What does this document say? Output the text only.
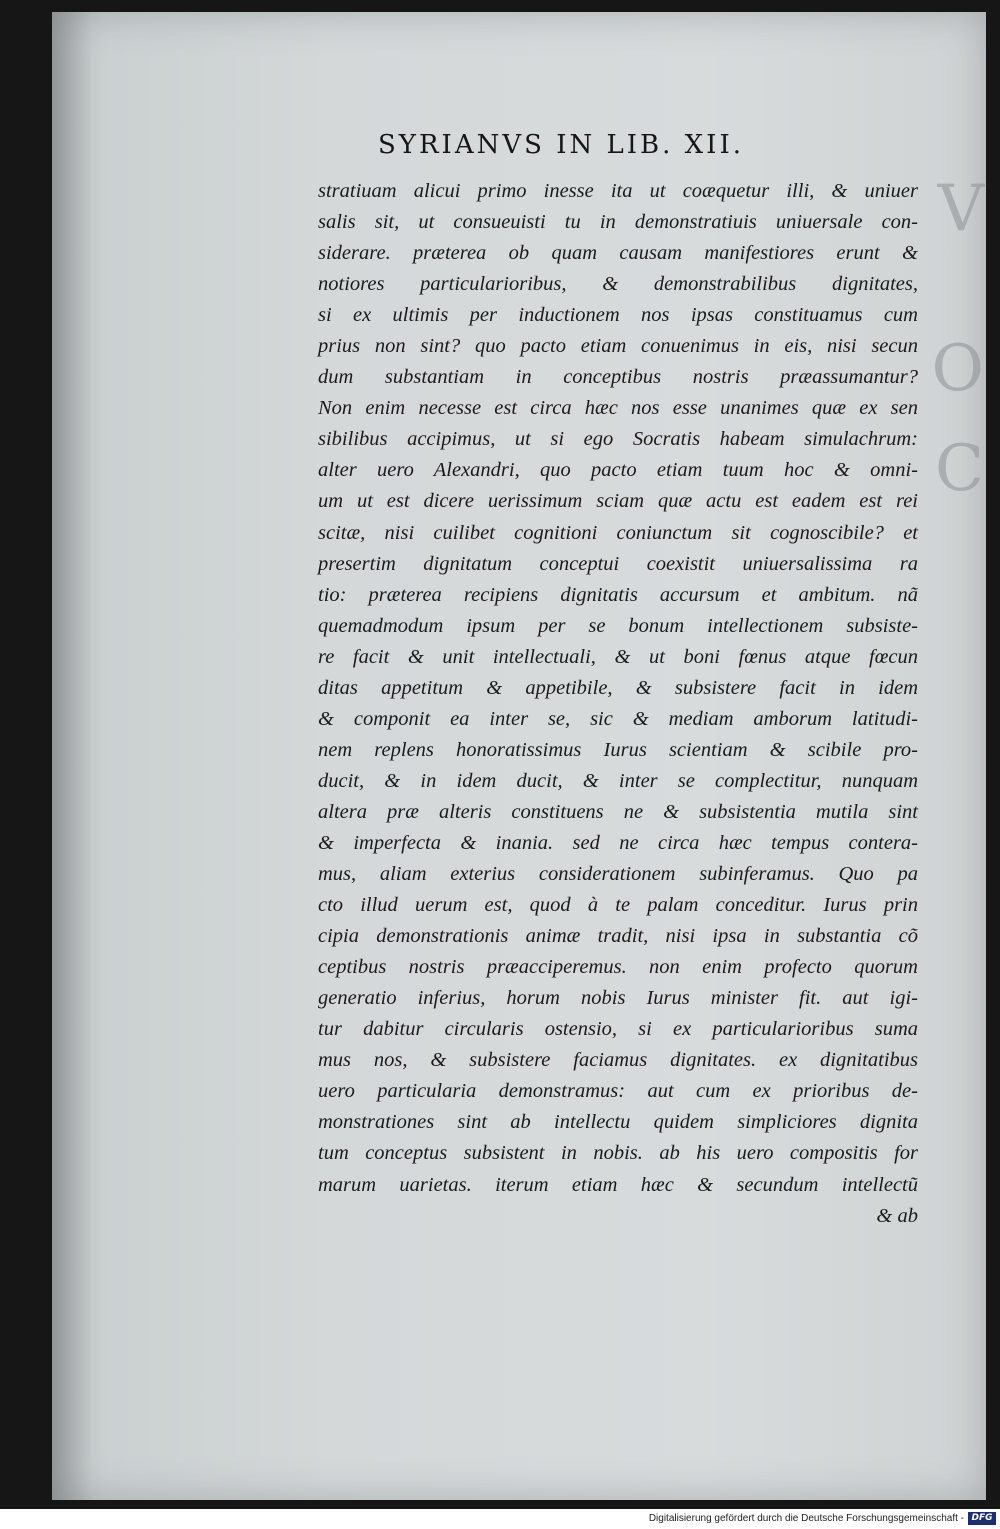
V
O
C
SYRIANVS IN LIB. XII.
stratiuam alicui primo inesse ita ut coæquetur illi, & uniuer
salis sit, ut consueuisti tu in demonstratiuis uniuersale con-
siderare. præterea ob quam causam manifestiores erunt &
notiores particularioribus, & demonstrabilibus dignitates,
si ex ultimis per inductionem nos ipsas constituamus cum
prius non sint? quo pacto etiam conuenimus in eis, nisi secun
dum substantiam in conceptibus nostris præassumantur?
Non enim necesse est circa hæc nos esse unanimes quæ ex sen
sibilibus accipimus, ut si ego Socratis habeam simulachrum:
alter uero Alexandri, quo pacto etiam tuum hoc & omni-
um ut est dicere uerissimum sciam quæ actu est eadem est rei
scitæ, nisi cuilibet cognitioni coniunctum sit cognoscibile? et
presertim dignitatum conceptui coexistit uniuersalissima ra
tio: præterea recipiens dignitatis accursum et ambitum. nã
quemadmodum ipsum per se bonum intellectionem subsiste-
re facit & unit intellectuali, & ut boni fœnus atque fœcun
ditas appetitum & appetibile, & subsistere facit in idem
& componit ea inter se, sic & mediam amborum latitudi-
nem replens honoratissimus Iurus scientiam & scibile pro-
ducit, & in idem ducit, & inter se complectitur, nunquam
altera præ alteris constituens ne & subsistentia mutila sint
& imperfecta & inania. sed ne circa hæc tempus contera-
mus, aliam exterius considerationem subinferamus. Quo pa
cto illud uerum est, quod à te palam conceditur. Iurus prin
cipia demonstrationis animæ tradit, nisi ipsa in substantia cõ
ceptibus nostris præacciperemus. non enim profecto quorum
generatio inferius, horum nobis Iurus minister fit. aut igi-
tur dabitur circularis ostensio, si ex particularioribus suma
mus nos, & subsistere faciamus dignitates. ex dignitatibus
uero particularia demonstramus: aut cum ex prioribus de-
monstrationes sint ab intellectu quidem simpliciores dignita
tum conceptus subsistent in nobis. ab his uero compositis for
marum uarietas. iterum etiam hæc & secundum intellectũ
& ab
Digitalisierung gefördert durch die Deutsche Forschungsgemeinschaft - DFG
